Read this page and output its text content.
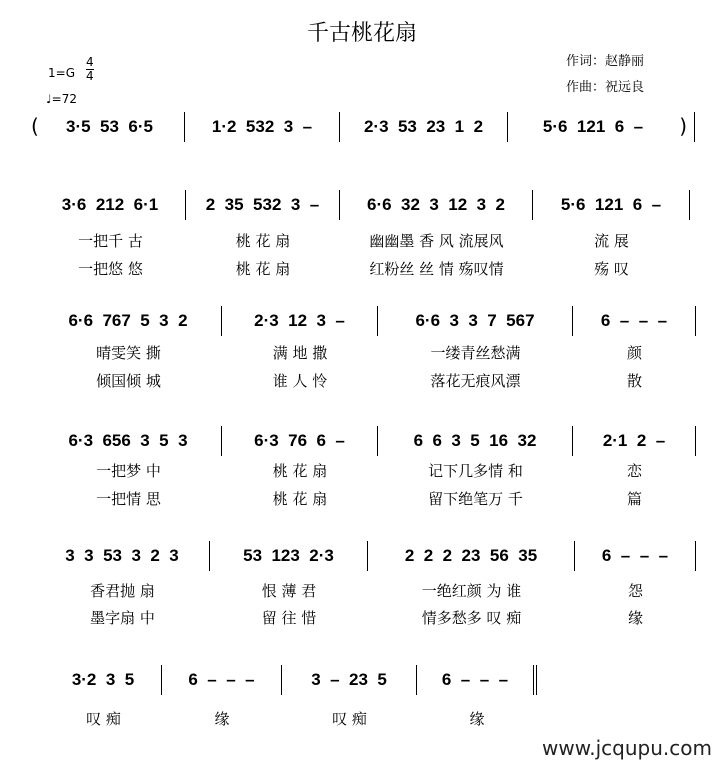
千古桃花扇
作词：赵静丽
作曲：祝远良
1=G
4
4
♩=72
(	3·5  53  6·5	1·2  532  3  –	2·3  53  23  1  2	5·6  121  6  –	)
3·6  212  6·1	2  35  532  3  –	6·6  32  3  12  3  2	5·6  121  6  –
一把千 古	桃 花 扇	幽幽墨 香 风 流展风	流 展
一把悠 悠	桃 花 扇	红粉丝 丝 情 殇叹情	殇 叹
6·6  767  5  3  2	2·3  12  3  –	6·6  3  3  7  567	6  –  –  –
晴雯笑 撕	满 地 撒	一缕青丝愁满	颜
倾国倾 城	谁 人 怜	落花无痕风漂	散
6·3  656  3  5  3	6·3  76  6  –	6  6  3  5  16  32	2·1  2  –
一把梦 中	桃 花 扇	记下几多情 和	恋
一把情 思	桃 花 扇	留下绝笔万 千	篇
3  3  53  3  2  3	53  123  2·3	2  2  2  23  56  35	6  –  –  –
香君抛 扇	恨 薄 君	一绝红颜 为 谁	怨
墨字扇 中	留 往 惜	情多愁多 叹 痴	缘
3·2  3  5	6  –  –  –	3  –  23  5	6  –  –  –
叹 痴	缘	叹 痴	缘
www.jcqupu.com
